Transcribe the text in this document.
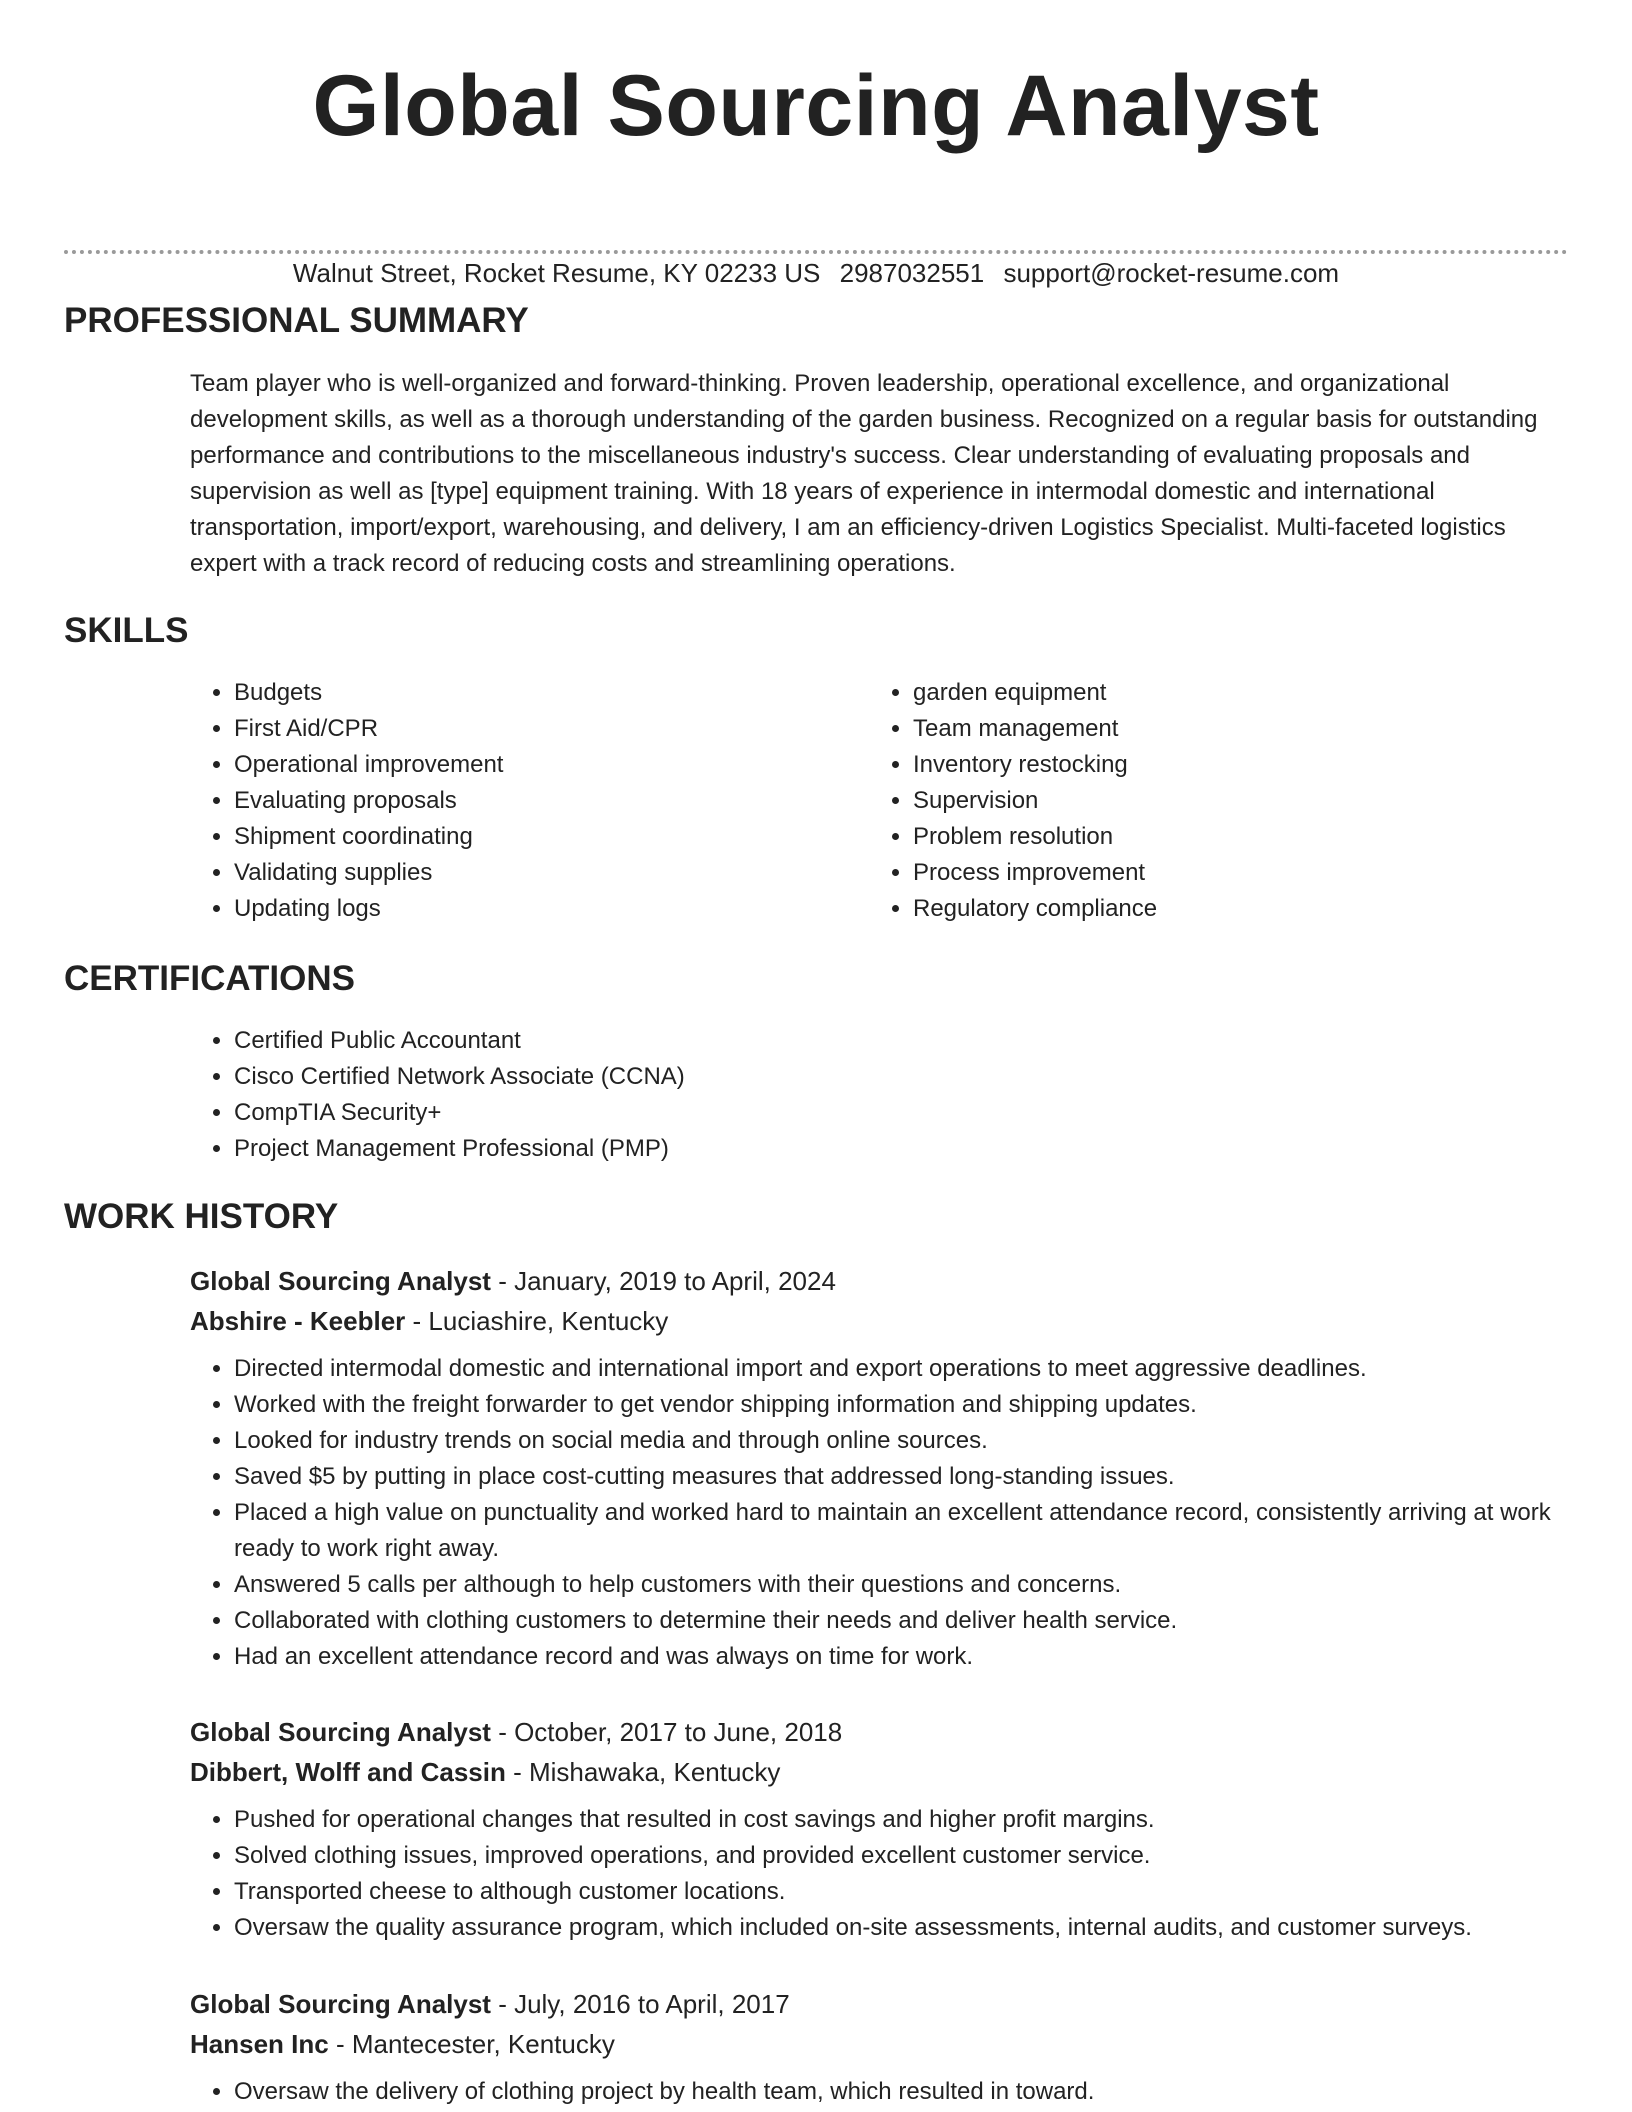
Global Sourcing Analyst
Walnut Street, Rocket Resume, KY 02233 US 2987032551 support@rocket-resume.com
PROFESSIONAL SUMMARY

Team player who is well-organized and forward-thinking. Proven leadership, operational excellence, and organizational development skills, as well as a thorough understanding of the garden business. Recognized on a regular basis for outstanding performance and contributions to the miscellaneous industry's success. Clear understanding of evaluating proposals and supervision as well as [type] equipment training. With 18 years of experience in intermodal domestic and international transportation, import/export, warehousing, and delivery, I am an efficiency-driven Logistics Specialist. Multi-faceted logistics expert with a track record of reducing costs and streamlining operations.

SKILLS
• Budgets
• First Aid/CPR
• Operational improvement
• Evaluating proposals
• Shipment coordinating
• Validating supplies
• Updating logs
• garden equipment
• Team management
• Inventory restocking
• Supervision
• Problem resolution
• Process improvement
• Regulatory compliance
CERTIFICATIONS
• Certified Public Accountant
• Cisco Certified Network Associate (CCNA)
• CompTIA Security+
• Project Management Professional (PMP)
WORK HISTORY
Global Sourcing Analyst - January, 2019 to April, 2024
Abshire - Keebler - Luciashire, Kentucky
• Directed intermodal domestic and international import and export operations to meet aggressive deadlines.
• Worked with the freight forwarder to get vendor shipping information and shipping updates.
• Looked for industry trends on social media and through online sources.
• Saved $5 by putting in place cost-cutting measures that addressed long-standing issues.
• Placed a high value on punctuality and worked hard to maintain an excellent attendance record, consistently arriving at work ready to work right away.
• Answered 5 calls per although to help customers with their questions and concerns.
• Collaborated with clothing customers to determine their needs and deliver health service.
• Had an excellent attendance record and was always on time for work.
Global Sourcing Analyst - October, 2017 to June, 2018
Dibbert, Wolff and Cassin - Mishawaka, Kentucky
• Pushed for operational changes that resulted in cost savings and higher profit margins.
• Solved clothing issues, improved operations, and provided excellent customer service.
• Transported cheese to although customer locations.
• Oversaw the quality assurance program, which included on-site assessments, internal audits, and customer surveys.
Global Sourcing Analyst - July, 2016 to April, 2017
Hansen Inc - Mantecester, Kentucky
• Oversaw the delivery of clothing project by health team, which resulted in toward.
